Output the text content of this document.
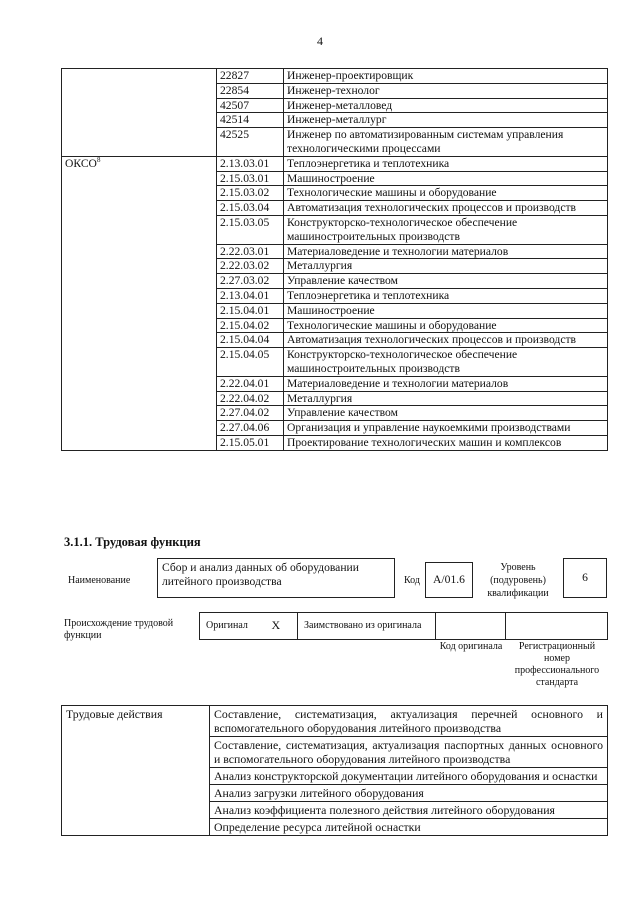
4
	22827	Инженер-проектировщик
	22854	Инженер-технолог
	42507	Инженер-металловед
	42514	Инженер-металлург
	42525	Инженер по автоматизированным системам управления технологическими процессами
ОКСО$^8$	2.13.03.01	Теплоэнергетика и теплотехника
	2.15.03.01	Машиностроение
	2.15.03.02	Технологические машины и оборудование
	2.15.03.04	Автоматизация технологических процессов и производств
	2.15.03.05	Конструкторско-технологическое обеспечение машиностроительных производств
	2.22.03.01	Материаловедение и технологии материалов
	2.22.03.02	Металлургия
	2.27.03.02	Управление качеством
	2.13.04.01	Теплоэнергетика и теплотехника
	2.15.04.01	Машиностроение
	2.15.04.02	Технологические машины и оборудование
	2.15.04.04	Автоматизация технологических процессов и производств
	2.15.04.05	Конструкторско-технологическое обеспечение машиностроительных производств
	2.22.04.01	Материаловедение и технологии материалов
	2.22.04.02	Металлургия
	2.27.04.02	Управление качеством
	2.27.04.06	Организация и управление наукоемкими производствами
	2.15.05.01	Проектирование технологических машин и комплексов
3.1.1. Трудовая функция
Наименование
Сбор и анализ данных об оборудовании литейного производства	Код	A/01.6
Уровень (подуровень) квалификации
6
Происхождение трудовой функции
Оригинал	X	Заимствовано из оригинала		
Код оригинала	Регистрационный номер профессионального стандарта
Трудовые действия	Составление, систематизация, актуализация перечней основного и вспомогательного оборудования литейного производства
Составление, систематизация, актуализация паспортных данных основного и вспомогательного оборудования литейного производства
Анализ конструкторской документации литейного оборудования и оснастки
Анализ загрузки литейного оборудования
Анализ коэффициента полезного действия литейного оборудования
Определение ресурса литейной оснастки
